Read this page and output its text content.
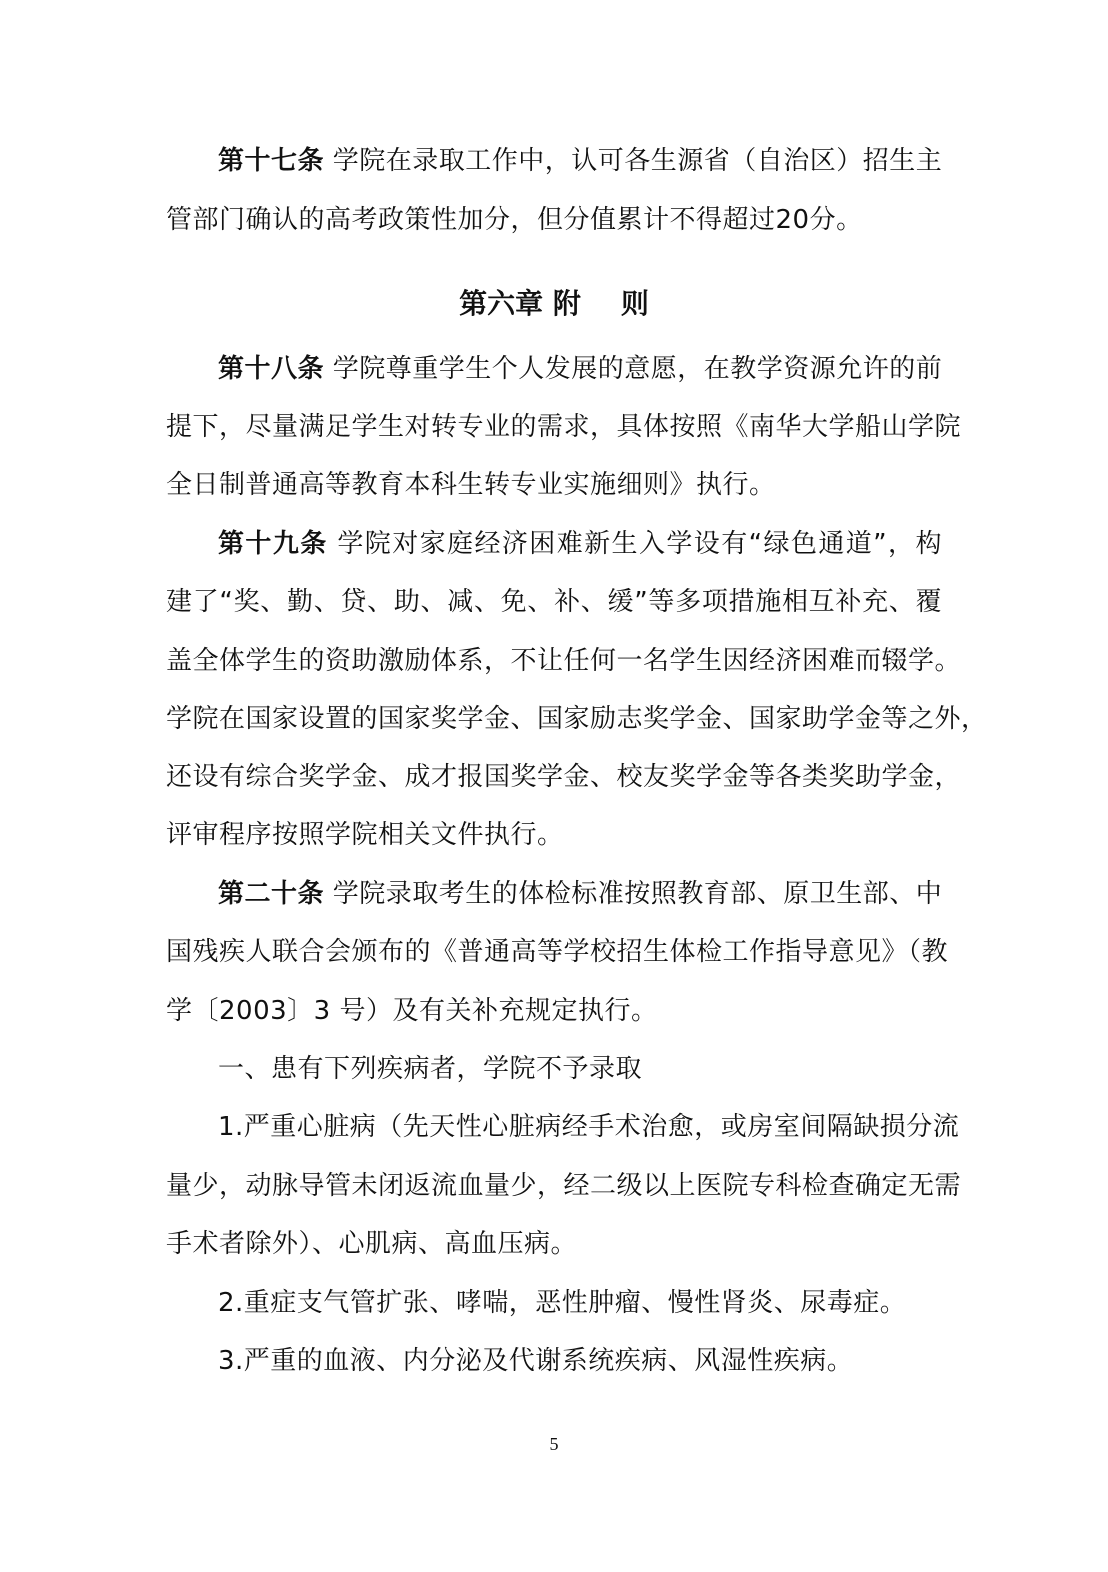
第十七条 学院在录取工作中，认可各生源省（自治区）招生主
管部门确认的高考政策性加分，但分值累计不得超过20分。
第六章 附 则
第十八条 学院尊重学生个人发展的意愿，在教学资源允许的前
提下，尽量满足学生对转专业的需求，具体按照《南华大学船山学院
全日制普通高等教育本科生转专业实施细则》执行。
第十九条 学院对家庭经济困难新生入学设有“绿色通道”，构
建了“奖、勤、贷、助、减、免、补、缓”等多项措施相互补充、覆
盖全体学生的资助激励体系，不让任何一名学生因经济困难而辍学。
学院在国家设置的国家奖学金、国家励志奖学金、国家助学金等之外，
还设有综合奖学金、成才报国奖学金、校友奖学金等各类奖助学金，
评审程序按照学院相关文件执行。
第二十条 学院录取考生的体检标准按照教育部、原卫生部、中
国残疾人联合会颁布的《普通高等学校招生体检工作指导意见》（教
学〔2003〕3 号）及有关补充规定执行。
一、患有下列疾病者，学院不予录取
1.严重心脏病（先天性心脏病经手术治愈，或房室间隔缺损分流
量少，动脉导管未闭返流血量少，经二级以上医院专科检查确定无需
手术者除外）、心肌病、高血压病。
2.重症支气管扩张、哮喘，恶性肿瘤、慢性肾炎、尿毒症。
3.严重的血液、内分泌及代谢系统疾病、风湿性疾病。
5
